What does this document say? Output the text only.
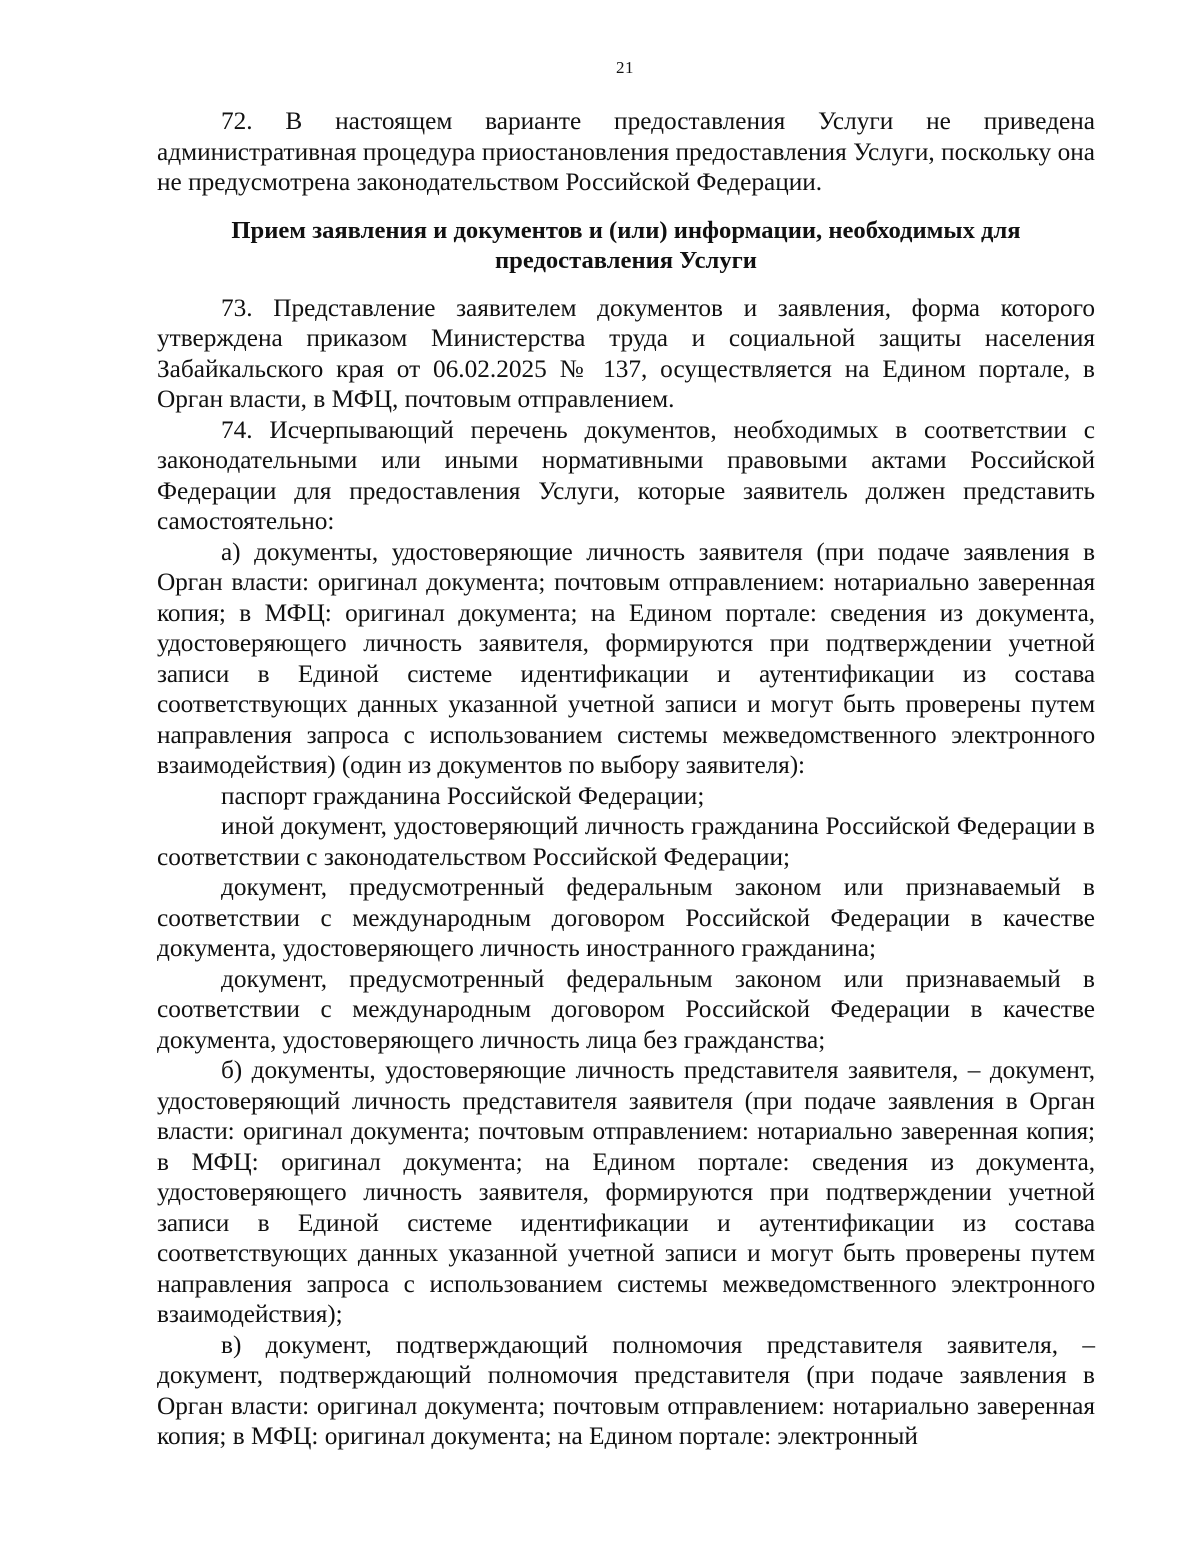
21

72. В настоящем варианте предоставления Услуги не приведена административная процедура приостановления предоставления Услуги, поскольку она не предусмотрена законодательством Российской Федерации.

Прием заявления и документов и (или) информации, необходимых для
предоставления Услуги

73. Представление заявителем документов и заявления, форма которого утверждена приказом Министерства труда и социальной защиты населения Забайкальского края от 06.02.2025 № 137, осуществляется на Едином портале, в Орган власти, в МФЦ, почтовым отправлением.

74. Исчерпывающий перечень документов, необходимых в соответствии с законодательными или иными нормативными правовыми актами Российской Федерации для предоставления Услуги, которые заявитель должен представить самостоятельно:

а) документы, удостоверяющие личность заявителя (при подаче заявления в Орган власти: оригинал документа; почтовым отправлением: нотариально заверенная копия; в МФЦ: оригинал документа; на Едином портале: сведения из документа, удостоверяющего личность заявителя, формируются при подтверждении учетной записи в Единой системе идентификации и аутентификации из состава соответствующих данных указанной учетной записи и могут быть проверены путем направления запроса с использованием системы межведомственного электронного взаимодействия) (один из документов по выбору заявителя):

паспорт гражданина Российской Федерации;

иной документ, удостоверяющий личность гражданина Российской Федерации в соответствии с законодательством Российской Федерации;

документ, предусмотренный федеральным законом или признаваемый в соответствии с международным договором Российской Федерации в качестве документа, удостоверяющего личность иностранного гражданина;

документ, предусмотренный федеральным законом или признаваемый в соответствии с международным договором Российской Федерации в качестве документа, удостоверяющего личность лица без гражданства;

б) документы, удостоверяющие личность представителя заявителя, – документ, удостоверяющий личность представителя заявителя (при подаче заявления в Орган власти: оригинал документа; почтовым отправлением: нотариально заверенная копия; в МФЦ: оригинал документа; на Едином портале: сведения из документа, удостоверяющего личность заявителя, формируются при подтверждении учетной записи в Единой системе идентификации и аутентификации из состава соответствующих данных указанной учетной записи и могут быть проверены путем направления запроса с использованием системы межведомственного электронного взаимодействия);

в) документ, подтверждающий полномочия представителя заявителя, – документ, подтверждающий полномочия представителя (при подаче заявления в Орган власти: оригинал документа; почтовым отправлением: нотариально заверенная копия; в МФЦ: оригинал документа; на Едином портале: электронный
